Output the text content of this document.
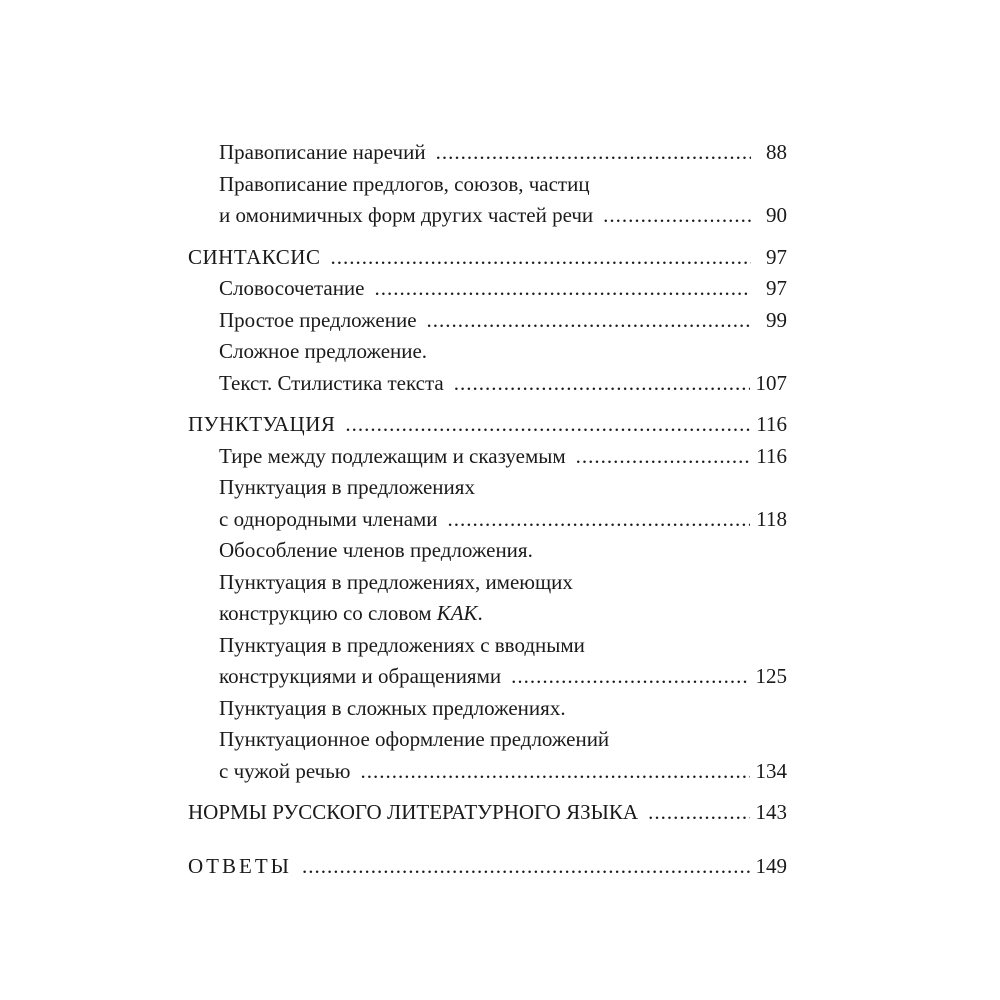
Правописание наречий .....	88
Правописание предлогов, союзов, частиц
и омонимичных форм других частей речи .....	90
СИНТАКСИС .....	97
Словосочетание .....	97
Простое предложение .....	99
Сложное предложение.
Текст. Стилистика текста .....	107
ПУНКТУАЦИЯ .....	116
Тире между подлежащим и сказуемым .....	116
Пунктуация в предложениях
с однородными членами .....	118
Обособление членов предложения.
Пунктуация в предложениях, имеющих
конструкцию со словом КАК.
Пунктуация в предложениях с вводными
конструкциями и обращениями .....	125
Пунктуация в сложных предложениях.
Пунктуационное оформление предложений
с чужой речью .....	134
НОРМЫ РУССКОГО ЛИТЕРАТУРНОГО ЯЗЫКА .....	143
ОТВЕТЫ .....	149
